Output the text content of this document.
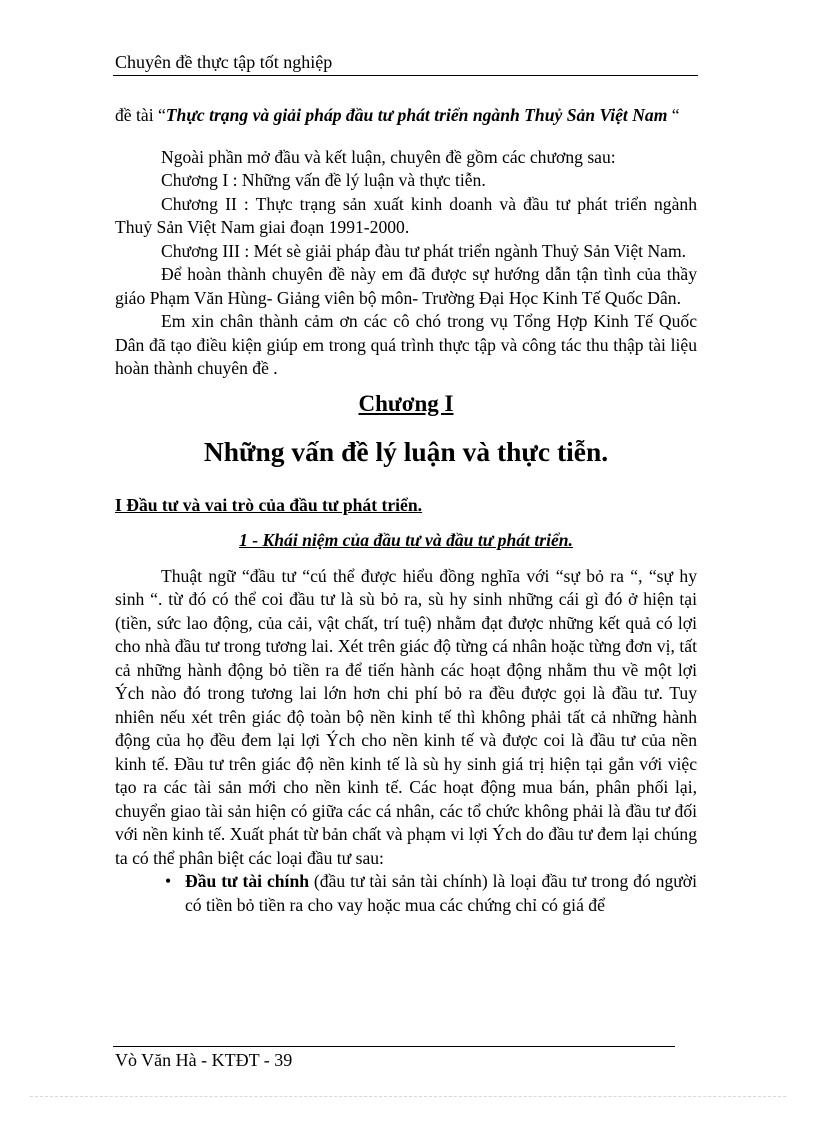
Chuyên đề thực tập tốt nghiệp

đề tài “Thực trạng và giải pháp đầu tư phát triển ngành Thuỷ Sản Việt Nam “

Ngoài phần mở đầu và kết luận, chuyên đề gồm các chương sau:

Chương I : Những vấn đề lý luận và thực tiễn.

Chương II : Thực trạng sản xuất kinh doanh và đầu tư phát triển ngành Thuỷ Sản Việt Nam giai đoạn 1991-2000.

Chương III : Mét sè giải pháp đàu tư phát triển ngành Thuỷ Sản Việt Nam.

Để hoàn thành chuyên đề này em đã được sự hướng dẫn tận tình của thầy giáo Phạm Văn Hùng- Giảng viên bộ môn- Trường Đại Học Kinh Tế Quốc Dân.

Em xin chân thành cảm ơn các cô chó trong vụ Tổng Hợp Kinh Tế Quốc Dân đã tạo điều kiện giúp em trong quá trình thực tập và công tác thu thập tài liệu hoàn thành chuyên đề .

Chương I

Những vấn đề lý luận và thực tiễn.

I Đầu tư và vai trò của đầu tư phát triển.

1 - Khái niệm của đầu tư và đầu tư phát triển.

Thuật ngữ “đầu tư “cú thể được hiểu đồng nghĩa với “sự bỏ ra “, “sự hy sinh “. từ đó có thể coi đầu tư là sù bỏ ra, sù hy sinh những cái gì đó ở hiện tại (tiền, sức lao động, của cải, vật chất, trí tuệ) nhằm đạt được những kết quả có lợi cho nhà đầu tư trong tương lai. Xét trên giác độ từng cá nhân hoặc từng đơn vị, tất cả những hành động bỏ tiền ra để tiến hành các hoạt động nhằm thu về một lợi Ých nào đó trong tương lai lớn hơn chi phí bỏ ra đều được gọi là đầu tư. Tuy nhiên nếu xét trên giác độ toàn bộ nền kinh tế thì không phải tất cả những hành động của họ đều đem lại lợi Ých cho nền kinh tế và được coi là đầu tư của nền kinh tế. Đầu tư trên giác độ nền kinh tế là sù hy sinh giá trị hiện tại gắn với việc tạo ra các tài sản mới cho nền kinh tế. Các hoạt động mua bán, phân phối lại, chuyển giao tài sản hiện có giữa các cá nhân, các tổ chức không phải là đầu tư đối với nền kinh tế. Xuất phát từ bản chất và phạm vi lợi Ých do đầu tư đem lại chúng ta có thể phân biệt các loại đầu tư sau:

• Đầu tư tài chính (đầu tư tài sản tài chính) là loại đầu tư trong đó người có tiền bỏ tiền ra cho vay hoặc mua các chứng chỉ có giá để

Vò Văn Hà - KTĐT - 39
